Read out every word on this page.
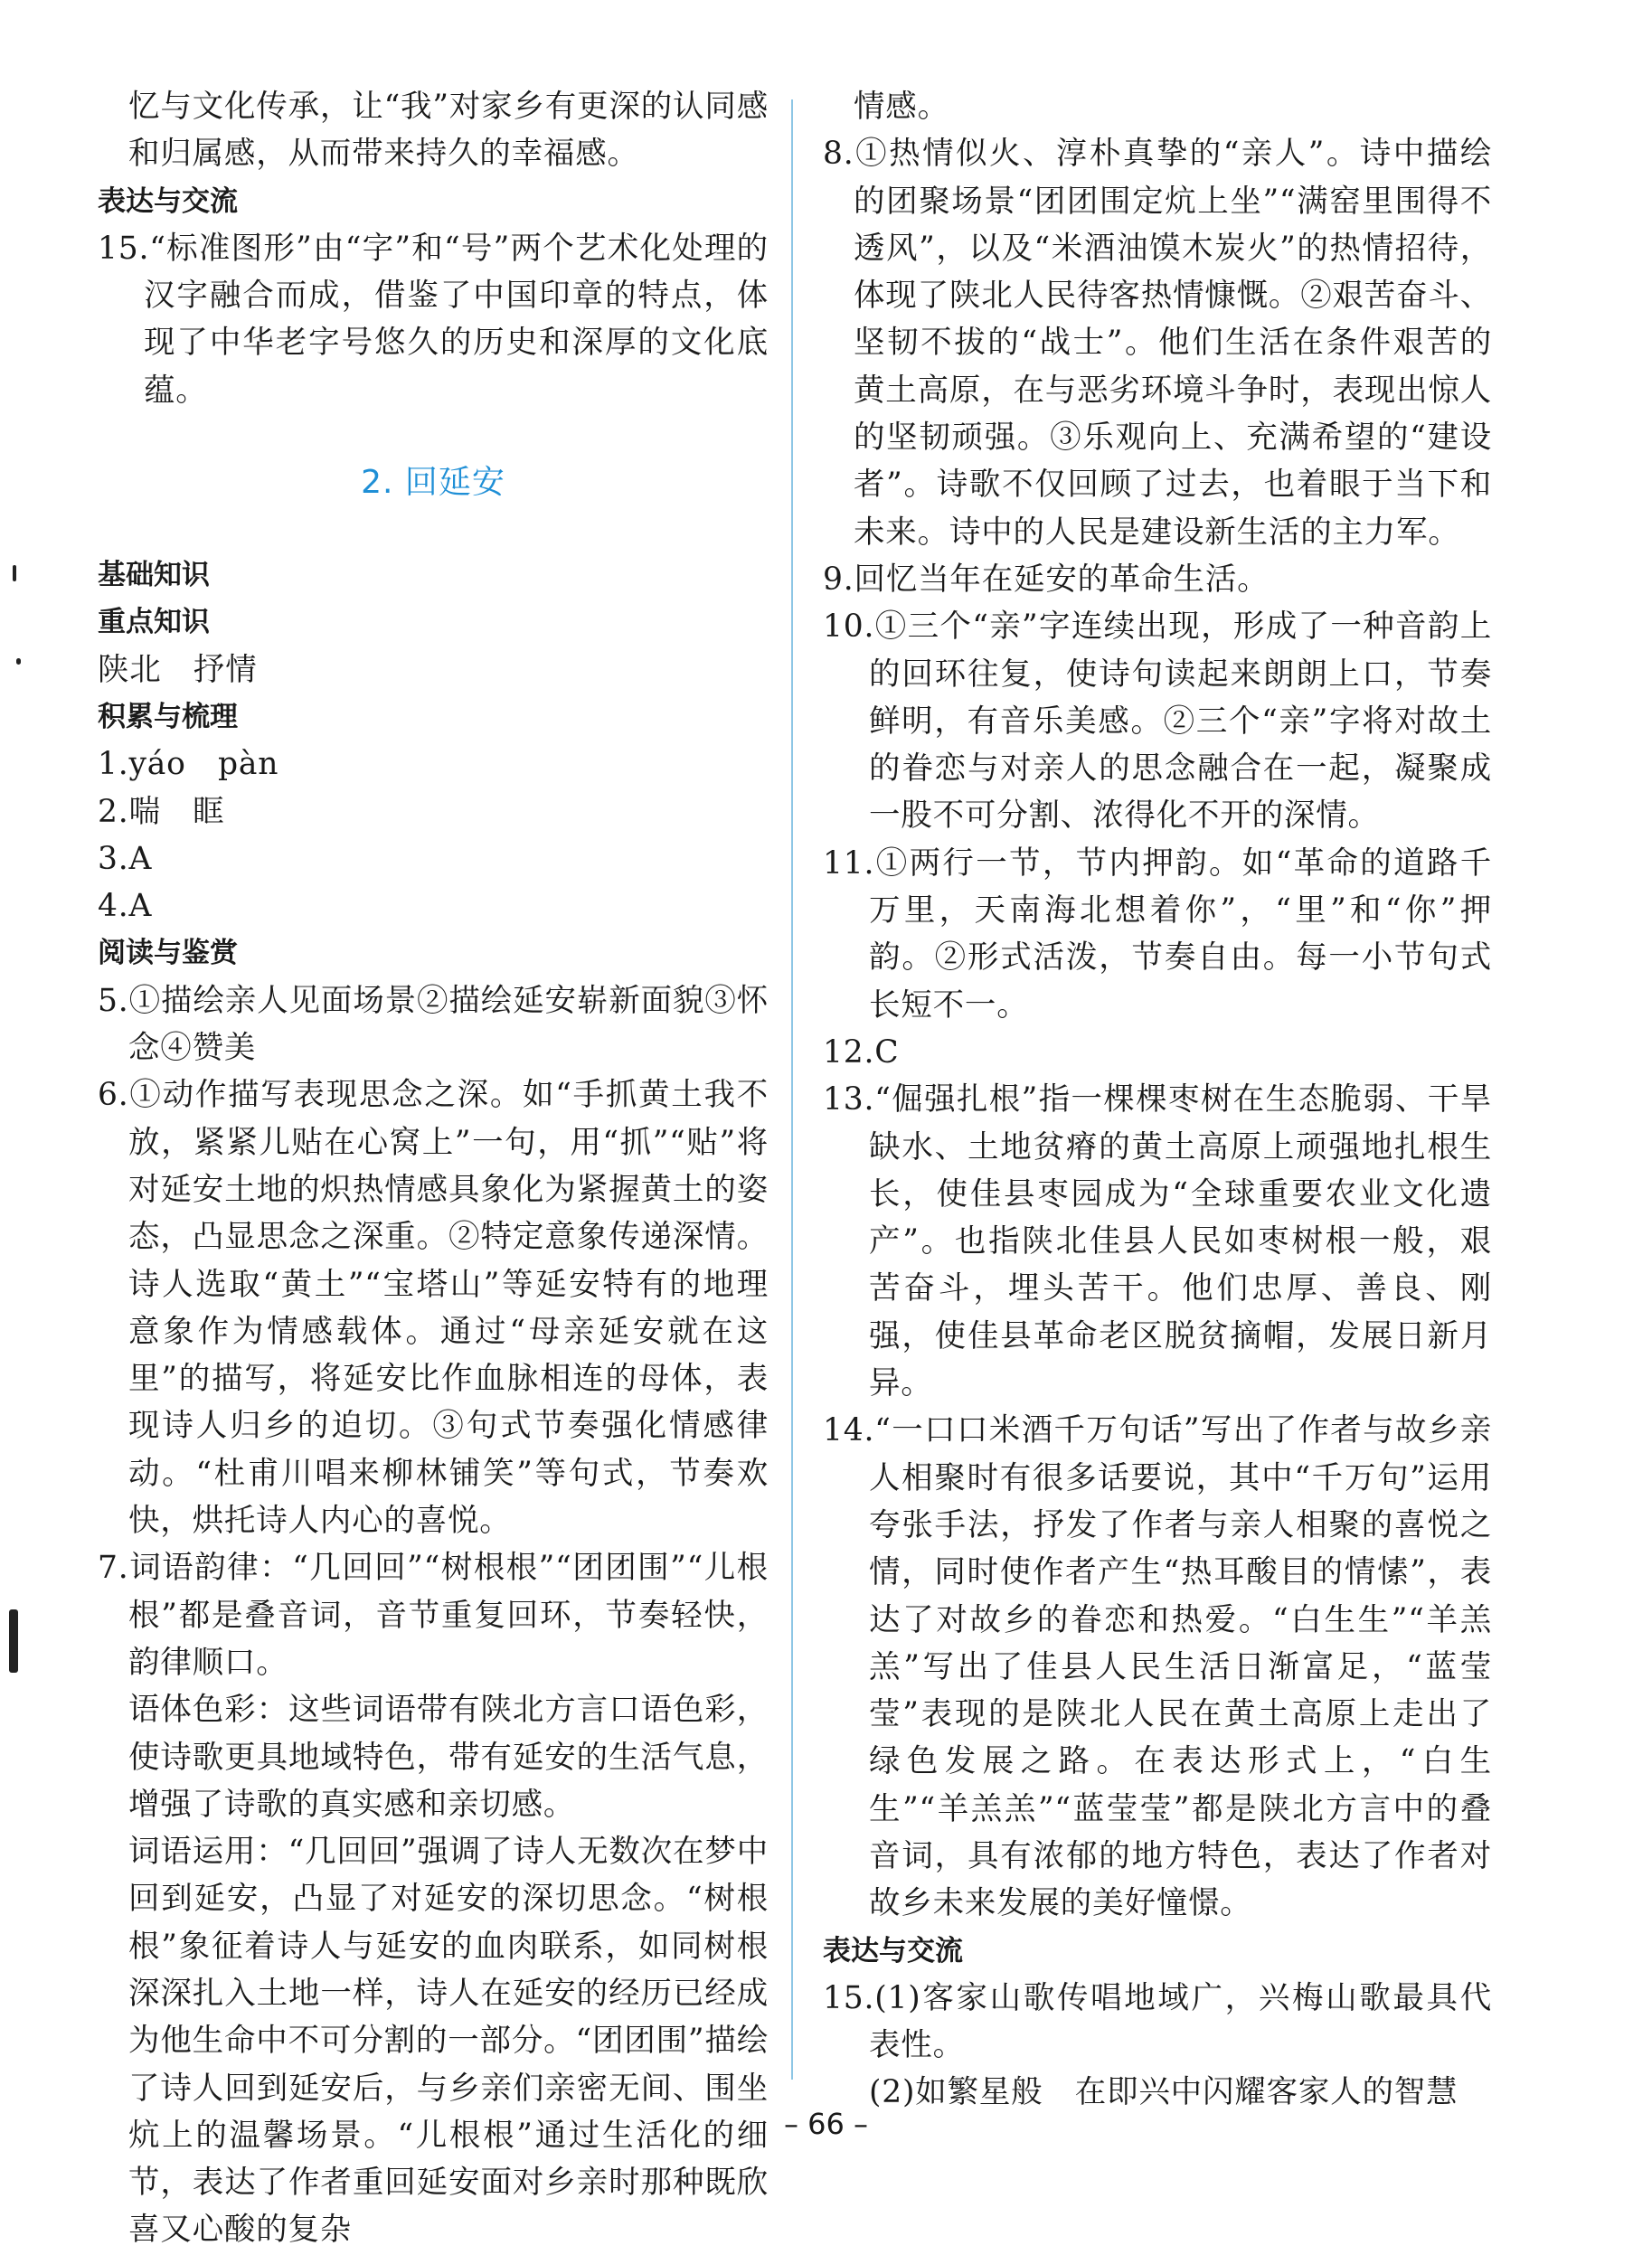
忆与文化传承，让“我”对家乡有更深的认同感和归属感，从而带来持久的幸福感。

表达与交流

15.“标准图形”由“字”和“号”两个艺术化处理的汉字融合而成，借鉴了中国印章的特点，体现了中华老字号悠久的历史和深厚的文化底蕴。

2. 回延安

基础知识

重点知识

陕北　抒情

积累与梳理

1.yáo　pàn

2.喘　眶

3.A

4.A

阅读与鉴赏

5.①描绘亲人见面场景②描绘延安崭新面貌③怀念④赞美

6.①动作描写表现思念之深。如“手抓黄土我不放，紧紧儿贴在心窝上”一句，用“抓”“贴”将对延安土地的炽热情感具象化为紧握黄土的姿态，凸显思念之深重。②特定意象传递深情。诗人选取“黄土”“宝塔山”等延安特有的地理意象作为情感载体。通过“母亲延安就在这里”的描写，将延安比作血脉相连的母体，表现诗人归乡的迫切。③句式节奏强化情感律动。“杜甫川唱来柳林铺笑”等句式，节奏欢快，烘托诗人内心的喜悦。

7.词语韵律：“几回回”“树根根”“团团围”“儿根根”都是叠音词，音节重复回环，节奏轻快，韵律顺口。

语体色彩：这些词语带有陕北方言口语色彩，使诗歌更具地域特色，带有延安的生活气息，增强了诗歌的真实感和亲切感。

词语运用：“几回回”强调了诗人无数次在梦中回到延安，凸显了对延安的深切思念。“树根根”象征着诗人与延安的血肉联系，如同树根深深扎入土地一样，诗人在延安的经历已经成为他生命中不可分割的一部分。“团团围”描绘了诗人回到延安后，与乡亲们亲密无间、围坐炕上的温馨场景。“儿根根”通过生活化的细节，表达了作者重回延安面对乡亲时那种既欣喜又心酸的复杂

情感。

8.①热情似火、淳朴真挚的“亲人”。诗中描绘的团聚场景“团团围定炕上坐”“满窑里围得不透风”，以及“米酒油馍木炭火”的热情招待，体现了陕北人民待客热情慷慨。②艰苦奋斗、坚韧不拔的“战士”。他们生活在条件艰苦的黄土高原，在与恶劣环境斗争时，表现出惊人的坚韧顽强。③乐观向上、充满希望的“建设者”。诗歌不仅回顾了过去，也着眼于当下和未来。诗中的人民是建设新生活的主力军。

9.回忆当年在延安的革命生活。

10.①三个“亲”字连续出现，形成了一种音韵上的回环往复，使诗句读起来朗朗上口，节奏鲜明，有音乐美感。②三个“亲”字将对故土的眷恋与对亲人的思念融合在一起，凝聚成一股不可分割、浓得化不开的深情。

11.①两行一节，节内押韵。如“革命的道路千万里，天南海北想着你”，“里”和“你”押韵。②形式活泼，节奏自由。每一小节句式长短不一。

12.C

13.“倔强扎根”指一棵棵枣树在生态脆弱、干旱缺水、土地贫瘠的黄土高原上顽强地扎根生长，使佳县枣园成为“全球重要农业文化遗产”。也指陕北佳县人民如枣树根一般，艰苦奋斗，埋头苦干。他们忠厚、善良、刚强，使佳县革命老区脱贫摘帽，发展日新月异。

14.“一口口米酒千万句话”写出了作者与故乡亲人相聚时有很多话要说，其中“千万句”运用夸张手法，抒发了作者与亲人相聚的喜悦之情，同时使作者产生“热耳酸目的情愫”，表达了对故乡的眷恋和热爱。“白生生”“羊羔羔”写出了佳县人民生活日渐富足，“蓝莹莹”表现的是陕北人民在黄土高原上走出了绿色发展之路。在表达形式上，“白生生”“羊羔羔”“蓝莹莹”都是陕北方言中的叠音词，具有浓郁的地方特色，表达了作者对故乡未来发展的美好憧憬。

表达与交流

15.(1)客家山歌传唱地域广，兴梅山歌最具代表性。

(2)如繁星般　在即兴中闪耀客家人的智慧

– 66 –
